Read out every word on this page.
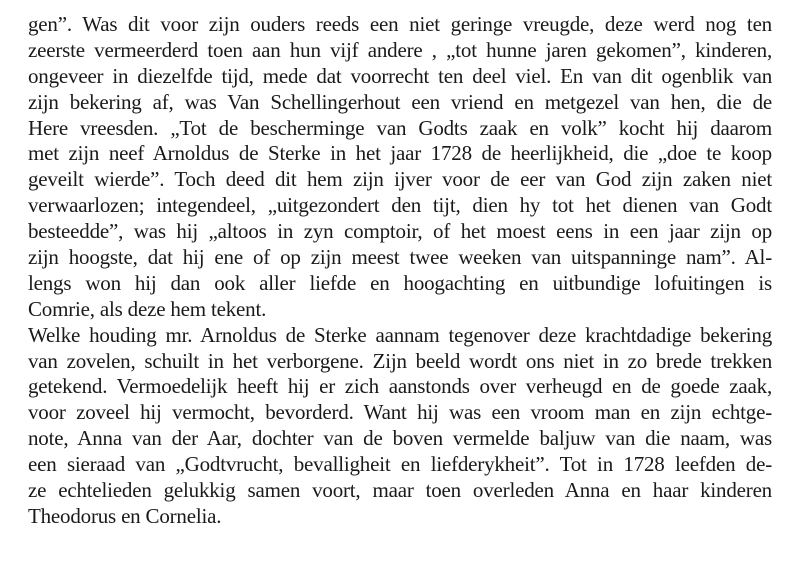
gen”. Was dit voor zijn ouders reeds een niet geringe vreugde, deze werd nog ten
zeerste vermeerderd toen aan hun vijf andere , „tot hunne jaren gekomen”, kinderen,
ongeveer in diezelfde tijd, mede dat voorrecht ten deel viel. En van dit ogenblik van
zijn bekering af, was Van Schellingerhout een vriend en metgezel van hen, die de
Here vreesden. „Tot de bescherminge van Godts zaak en volk” kocht hij daarom
met zijn neef Arnoldus de Sterke in het jaar 1728 de heerlijkheid, die „doe te koop
geveilt wierde”. Toch deed dit hem zijn ijver voor de eer van God zijn zaken niet
verwaarlozen; integendeel, „uitgezondert den tijt, dien hy tot het dienen van Godt
besteedde”, was hij „altoos in zyn comptoir, of het moest eens in een jaar zijn op
zijn hoogste, dat hij ene of op zijn meest twee weeken van uitspanninge nam”. Al-
lengs won hij dan ook aller liefde en hoogachting en uitbundige lofuitingen is
Comrie, als deze hem tekent.
Welke houding mr. Arnoldus de Sterke aannam tegenover deze krachtdadige bekering
van zovelen, schuilt in het verborgene. Zijn beeld wordt ons niet in zo brede trekken
getekend. Vermoedelijk heeft hij er zich aanstonds over verheugd en de goede zaak,
voor zoveel hij vermocht, bevorderd. Want hij was een vroom man en zijn echtge-
note, Anna van der Aar, dochter van de boven vermelde baljuw van die naam, was
een sieraad van „Godtvrucht, bevalligheit en liefderykheit”. Tot in 1728 leefden de-
ze echtelieden gelukkig samen voort, maar toen overleden Anna en haar kinderen
Theodorus en Cornelia.
